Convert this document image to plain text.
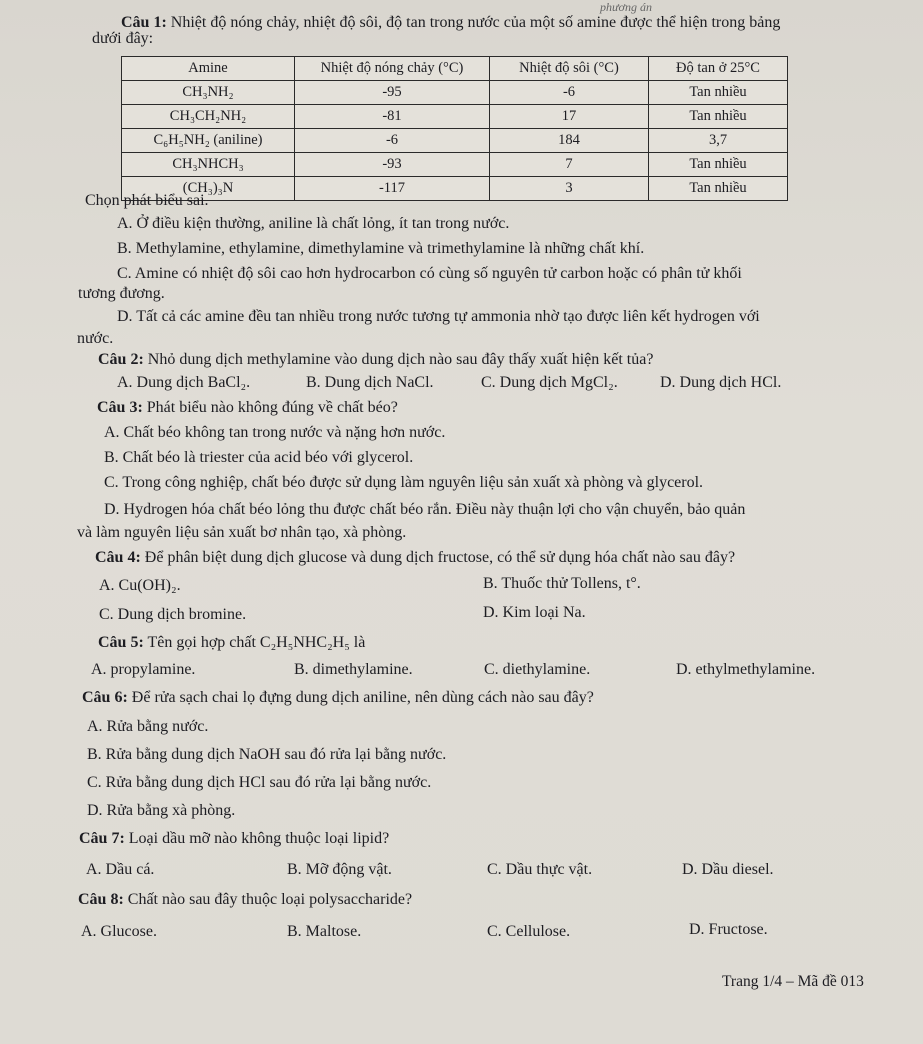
phương án
Câu 1: Nhiệt độ nóng chảy, nhiệt độ sôi, độ tan trong nước của một số amine được thể hiện trong bảng
dưới đây:
Amine	Nhiệt độ nóng chảy (°C)	Nhiệt độ sôi (°C)	Độ tan ở 25°C
CH₃NH₂	-95	-6	Tan nhiều
CH₃CH₂NH₂	-81	17	Tan nhiều
C₆H₅NH₂ (aniline)	-6	184	3,7
CH₃NHCH₃	-93	7	Tan nhiều
(CH₃)₃N	-117	3	Tan nhiều
Chọn phát biểu sai.
A. Ở điều kiện thường, aniline là chất lỏng, ít tan trong nước.
B. Methylamine, ethylamine, dimethylamine và trimethylamine là những chất khí.
C. Amine có nhiệt độ sôi cao hơn hydrocarbon có cùng số nguyên tử carbon hoặc có phân tử khối
tương đương.
D. Tất cả các amine đều tan nhiều trong nước tương tự ammonia nhờ tạo được liên kết hydrogen với
nước.
Câu 2: Nhỏ dung dịch methylamine vào dung dịch nào sau đây thấy xuất hiện kết tủa?
A. Dung dịch BaCl₂.	B. Dung dịch NaCl.	C. Dung dịch MgCl₂.	D. Dung dịch HCl.
Câu 3: Phát biểu nào không đúng về chất béo?
A. Chất béo không tan trong nước và nặng hơn nước.
B. Chất béo là triester của acid béo với glycerol.
C. Trong công nghiệp, chất béo được sử dụng làm nguyên liệu sản xuất xà phòng và glycerol.
D. Hydrogen hóa chất béo lỏng thu được chất béo rắn. Điều này thuận lợi cho vận chuyển, bảo quản
và làm nguyên liệu sản xuất bơ nhân tạo, xà phòng.
Câu 4: Để phân biệt dung dịch glucose và dung dịch fructose, có thể sử dụng hóa chất nào sau đây?
A. Cu(OH)₂.	B. Thuốc thử Tollens, t°.
C. Dung dịch bromine.	D. Kim loại Na.
Câu 5: Tên gọi hợp chất C₂H₅NHC₂H₅ là
A. propylamine.	B. dimethylamine.	C. diethylamine.	D. ethylmethylamine.
Câu 6: Để rửa sạch chai lọ đựng dung dịch aniline, nên dùng cách nào sau đây?
A. Rửa bằng nước.
B. Rửa bằng dung dịch NaOH sau đó rửa lại bằng nước.
C. Rửa bằng dung dịch HCl sau đó rửa lại bằng nước.
D. Rửa bằng xà phòng.
Câu 7: Loại dầu mỡ nào không thuộc loại lipid?
A. Dầu cá.	B. Mỡ động vật.	C. Dầu thực vật.	D. Dầu diesel.
Câu 8: Chất nào sau đây thuộc loại polysaccharide?
A. Glucose.	B. Maltose.	C. Cellulose.	D. Fructose.
Trang 1/4 – Mã đề 013
